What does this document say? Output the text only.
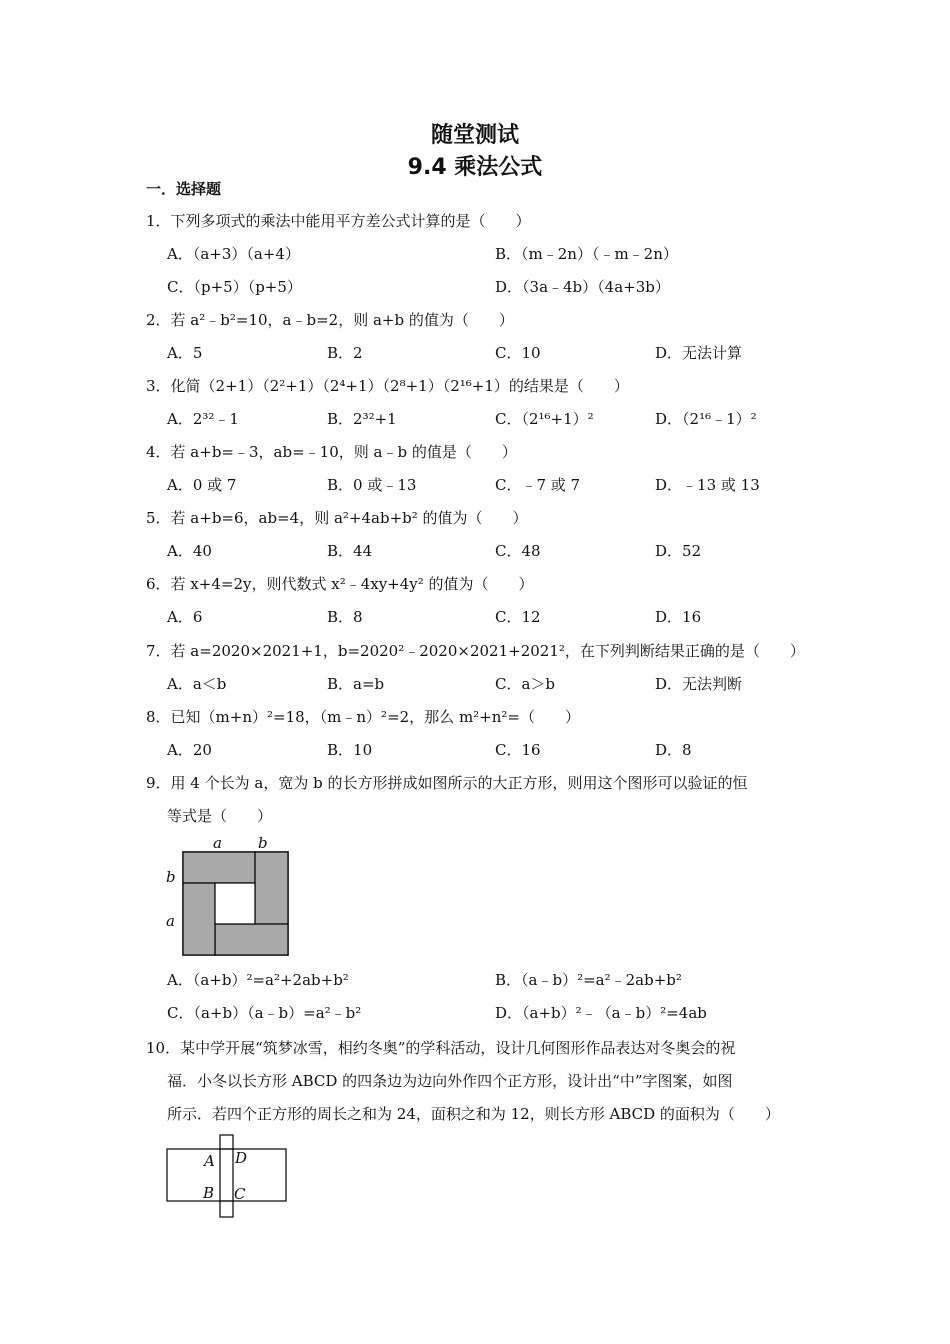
随堂测试
9.4 乘法公式
一．选择题
1．下列多项式的乘法中能用平方差公式计算的是（　　）
A．（a+3）（a+4）	B．（m﹣2n）（﹣m﹣2n）
C．（p+5）（p+5）	D．（3a﹣4b）（4a+3b）
2．若 a²﹣b²=10，a﹣b=2，则 a+b 的值为（　　）
A．5	B．2	C．10	D．无法计算
3．化简（2+1）（2²+1）（2⁴+1）（2⁸+1）（2¹⁶+1）的结果是（　　）
A．2³²﹣1	B．2³²+1	C．（2¹⁶+1）²	D．（2¹⁶﹣1）²
4．若 a+b=﹣3，ab=﹣10，则 a﹣b 的值是（　　）
A．0 或 7	B．0 或﹣13	C．﹣7 或 7	D．﹣13 或 13
5．若 a+b=6，ab=4，则 a²+4ab+b² 的值为（　　）
A．40	B．44	C．48	D．52
6．若 x+4=2y，则代数式 x²﹣4xy+4y² 的值为（　　）
A．6	B．8	C．12	D．16
7．若 a=2020×2021+1，b=2020²﹣2020×2021+2021²，在下列判断结果正确的是（　　）
A．a＜b	B．a=b	C．a＞b	D．无法判断
8．已知（m+n）²=18，（m﹣n）²=2，那么 m²+n²=（　　）
A．20	B．10	C．16	D．8
9．用 4 个长为 a，宽为 b 的长方形拼成如图所示的大正方形，则用这个图形可以验证的恒
等式是（　　）
a b
b
a
A．（a+b）²=a²+2ab+b²	B．（a﹣b）²=a²﹣2ab+b²
C．（a+b）（a﹣b）=a²﹣b²	D．（a+b）²﹣（a﹣b）²=4ab
10．某中学开展“筑梦冰雪，相约冬奥”的学科活动，设计几何图形作品表达对冬奥会的祝
福．小冬以长方形 ABCD 的四条边为边向外作四个正方形，设计出“中”字图案，如图
所示．若四个正方形的周长之和为 24，面积之和为 12，则长方形 ABCD 的面积为（　　）
A D
B C
